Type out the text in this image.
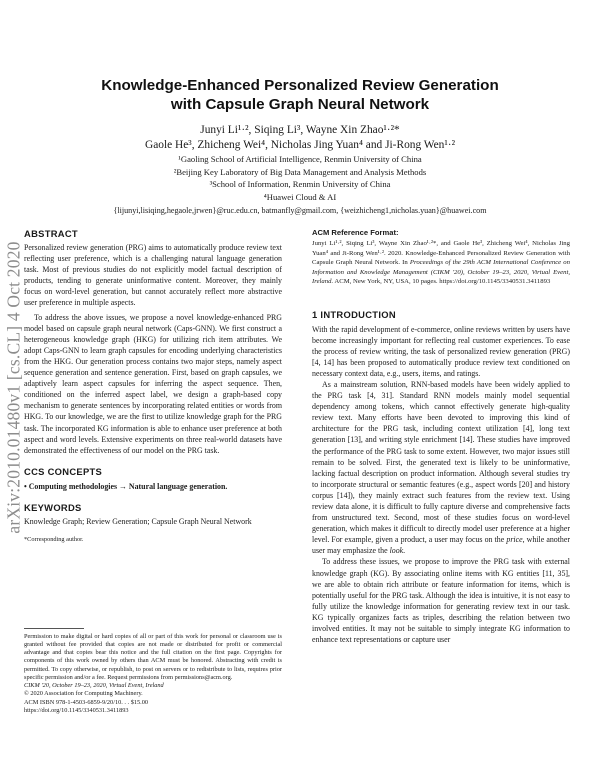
arXiv:2010.01480v1 [cs.CL] 4 Oct 2020
Knowledge-Enhanced Personalized Review Generation
with Capsule Graph Neural Network
Junyi Li¹·², Siqing Li³, Wayne Xin Zhao¹·²*
Gaole He³, Zhicheng Wei⁴, Nicholas Jing Yuan⁴ and Ji-Rong Wen¹·²
¹Gaoling School of Artificial Intelligence, Renmin University of China
²Beijing Key Laboratory of Big Data Management and Analysis Methods
³School of Information, Renmin University of China
⁴Huawei Cloud & AI
{lijunyi,lisiqing,hegaole,jrwen}@ruc.edu.cn, batmanfly@gmail.com, {weizhicheng1,nicholas.yuan}@huawei.com
ABSTRACT

Personalized review generation (PRG) aims to automatically produce review text reflecting user preference, which is a challenging natural language generation task. Most of previous studies do not explicitly model factual description of products, tending to generate uninformative content. Moreover, they mainly focus on word-level generation, but cannot accurately reflect more abstractive user preference in multiple aspects.

To address the above issues, we propose a novel knowledge-enhanced PRG model based on capsule graph neural network (Caps-GNN). We first construct a heterogeneous knowledge graph (HKG) for utilizing rich item attributes. We adopt Caps-GNN to learn graph capsules for encoding underlying characteristics from the HKG. Our generation process contains two major steps, namely aspect sequence generation and sentence generation. First, based on graph capsules, we adaptively learn aspect capsules for inferring the aspect sequence. Then, conditioned on the inferred aspect label, we design a graph-based copy mechanism to generate sentences by incorporating related entities or words from HKG. To our knowledge, we are the first to utilize knowledge graph for the PRG task. The incorporated KG information is able to enhance user preference at both aspect and word levels. Extensive experiments on three real-world datasets have demonstrated the effectiveness of our model on the PRG task.

CCS CONCEPTS
• Computing methodologies → Natural language generation.
KEYWORDS

Knowledge Graph; Review Generation; Capsule Graph Neural Network

*Corresponding author.

Permission to make digital or hard copies of all or part of this work for personal or classroom use is granted without fee provided that copies are not made or distributed for profit or commercial advantage and that copies bear this notice and the full citation on the first page. Copyrights for components of this work owned by others than ACM must be honored. Abstracting with credit is permitted. To copy otherwise, or republish, to post on servers or to redistribute to lists, requires prior specific permission and/or a fee. Request permissions from permissions@acm.org.

CIKM '20, October 19–23, 2020, Virtual Event, Ireland

© 2020 Association for Computing Machinery.

ACM ISBN 978-1-4503-6859-9/20/10. . . $15.00

https://doi.org/10.1145/3340531.3411893

ACM Reference Format:

Junyi Li¹·², Siqing Li³, Wayne Xin Zhao¹·²*, and Gaole He³, Zhicheng Wei⁴, Nicholas Jing Yuan⁴ and Ji-Rong Wen¹·². 2020. Knowledge-Enhanced Personalized Review Generation with Capsule Graph Neural Network. In Proceedings of the 29th ACM International Conference on Information and Knowledge Management (CIKM '20), October 19–23, 2020, Virtual Event, Ireland. ACM, New York, NY, USA, 10 pages. https://doi.org/10.1145/3340531.3411893

1 INTRODUCTION

With the rapid development of e-commerce, online reviews written by users have become increasingly important for reflecting real customer experiences. To ease the process of review writing, the task of personalized review generation (PRG) [4, 14] has been proposed to automatically produce review text conditioned on necessary context data, e.g., users, items, and ratings.

As a mainstream solution, RNN-based models have been widely applied to the PRG task [4, 31]. Standard RNN models mainly model sequential dependency among tokens, which cannot effectively generate high-quality review text. Many efforts have been devoted to improving this kind of architecture for the PRG task, including context utilization [4], long text generation [13], and writing style enrichment [14]. These studies have improved the performance of the PRG task to some extent. However, two major issues still remain to be solved. First, the generated text is likely to be uninformative, lacking factual description on product information. Although several studies try to incorporate structural or semantic features (e.g., aspect words [20] and history corpus [14]), they mainly extract such features from the review text. Using review data alone, it is difficult to fully capture diverse and comprehensive facts from unstructured text. Second, most of these studies focus on word-level generation, which makes it difficult to directly model user preference at a higher level. For example, given a product, a user may focus on the price, while another user may emphasize the look.

To address these issues, we propose to improve the PRG task with external knowledge graph (KG). By associating online items with KG entities [11, 35], we are able to obtain rich attribute or feature information for items, which is potentially useful for the PRG task. Although the idea is intuitive, it is not easy to fully utilize the knowledge information for generating review text in our task. KG typically organizes facts as triples, describing the relation between two involved entities. It may not be suitable to simply integrate KG information to enhance text representations or capture user
